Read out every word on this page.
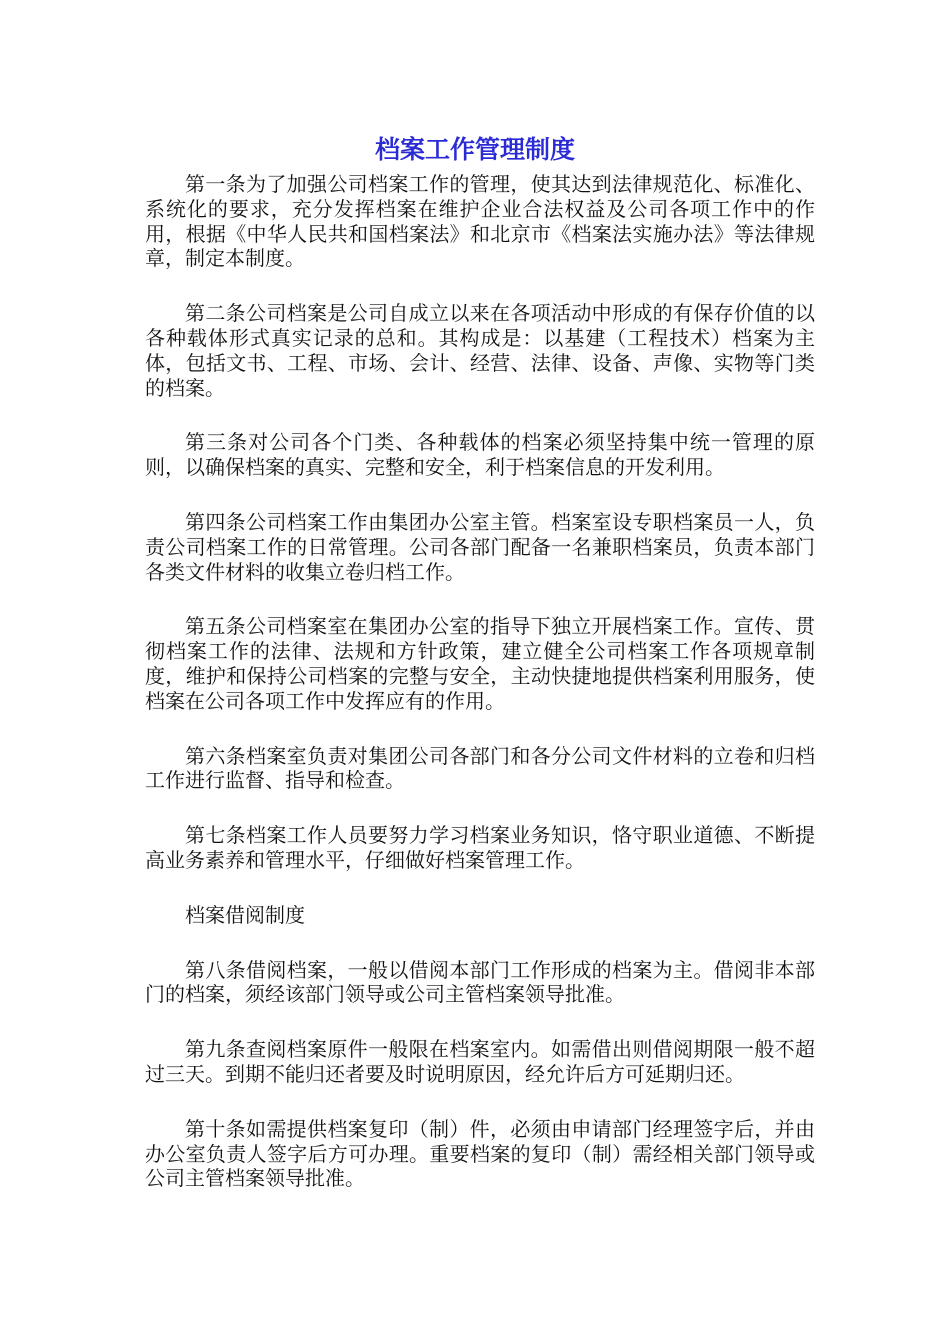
档案工作管理制度

第一条为了加强公司档案工作的管理，使其达到法律规范化、标准化、系统化的要求，充分发挥档案在维护企业合法权益及公司各项工作中的作用，根据《中华人民共和国档案法》和北京市《档案法实施办法》等法律规章，制定本制度。

第二条公司档案是公司自成立以来在各项活动中形成的有保存价值的以各种载体形式真实记录的总和。其构成是：以基建（工程技术）档案为主体，包括文书、工程、市场、会计、经营、法律、设备、声像、实物等门类的档案。

第三条对公司各个门类、各种载体的档案必须坚持集中统一管理的原则，以确保档案的真实、完整和安全，利于档案信息的开发利用。

第四条公司档案工作由集团办公室主管。档案室设专职档案员一人，负责公司档案工作的日常管理。公司各部门配备一名兼职档案员，负责本部门各类文件材料的收集立卷归档工作。

第五条公司档案室在集团办公室的指导下独立开展档案工作。宣传、贯彻档案工作的法律、法规和方针政策，建立健全公司档案工作各项规章制度，维护和保持公司档案的完整与安全，主动快捷地提供档案利用服务，使档案在公司各项工作中发挥应有的作用。

第六条档案室负责对集团公司各部门和各分公司文件材料的立卷和归档工作进行监督、指导和检查。

第七条档案工作人员要努力学习档案业务知识，恪守职业道德、不断提高业务素养和管理水平，仔细做好档案管理工作。

档案借阅制度

第八条借阅档案，一般以借阅本部门工作形成的档案为主。借阅非本部门的档案，须经该部门领导或公司主管档案领导批准。

第九条查阅档案原件一般限在档案室内。如需借出则借阅期限一般不超过三天。到期不能归还者要及时说明原因，经允许后方可延期归还。

第十条如需提供档案复印（制）件，必须由申请部门经理签字后，并由办公室负责人签字后方可办理。重要档案的复印（制）需经相关部门领导或公司主管档案领导批准。
